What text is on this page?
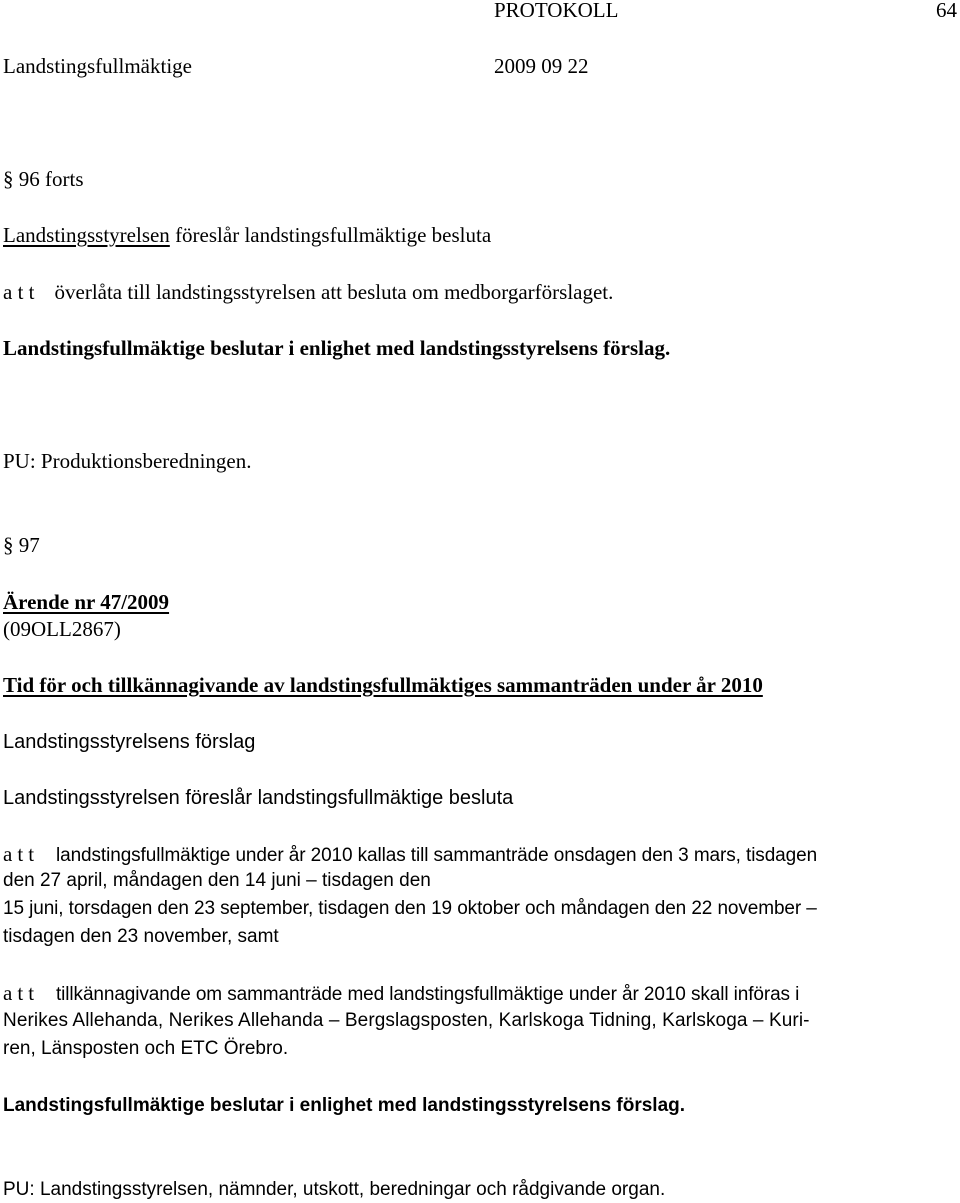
PROTOKOLL	64
Landstingsfullmäktige	2009 09 22
§ 96 forts
Landstingsstyrelsen föreslår landstingsfullmäktige besluta
a t t överlåta till landstingsstyrelsen att besluta om medborgarförslaget.
Landstingsfullmäktige beslutar i enlighet med landstingsstyrelsens förslag.
PU: Produktionsberedningen.
§ 97
Ärende nr 47/2009
(09OLL2867)
Tid för och tillkännagivande av landstingsfullmäktiges sammanträden under år 2010
Landstingsstyrelsens förslag
Landstingsstyrelsen föreslår landstingsfullmäktige besluta
a t t landstingsfullmäktige under år 2010 kallas till sammanträde onsdagen den 3 mars, tisdagen
den 27 april, måndagen den 14 juni – tisdagen den
15 juni, torsdagen den 23 september, tisdagen den 19 oktober och måndagen den 22 november –
tisdagen den 23 november, samt
a t t tillkännagivande om sammanträde med landstingsfullmäktige under år 2010 skall införas i
Nerikes Allehanda, Nerikes Allehanda – Bergslagsposten, Karlskoga Tidning, Karlskoga – Kuri-
ren, Länsposten och ETC Örebro.
Landstingsfullmäktige beslutar i enlighet med landstingsstyrelsens förslag.
PU: Landstingsstyrelsen, nämnder, utskott, beredningar och rådgivande organ.
